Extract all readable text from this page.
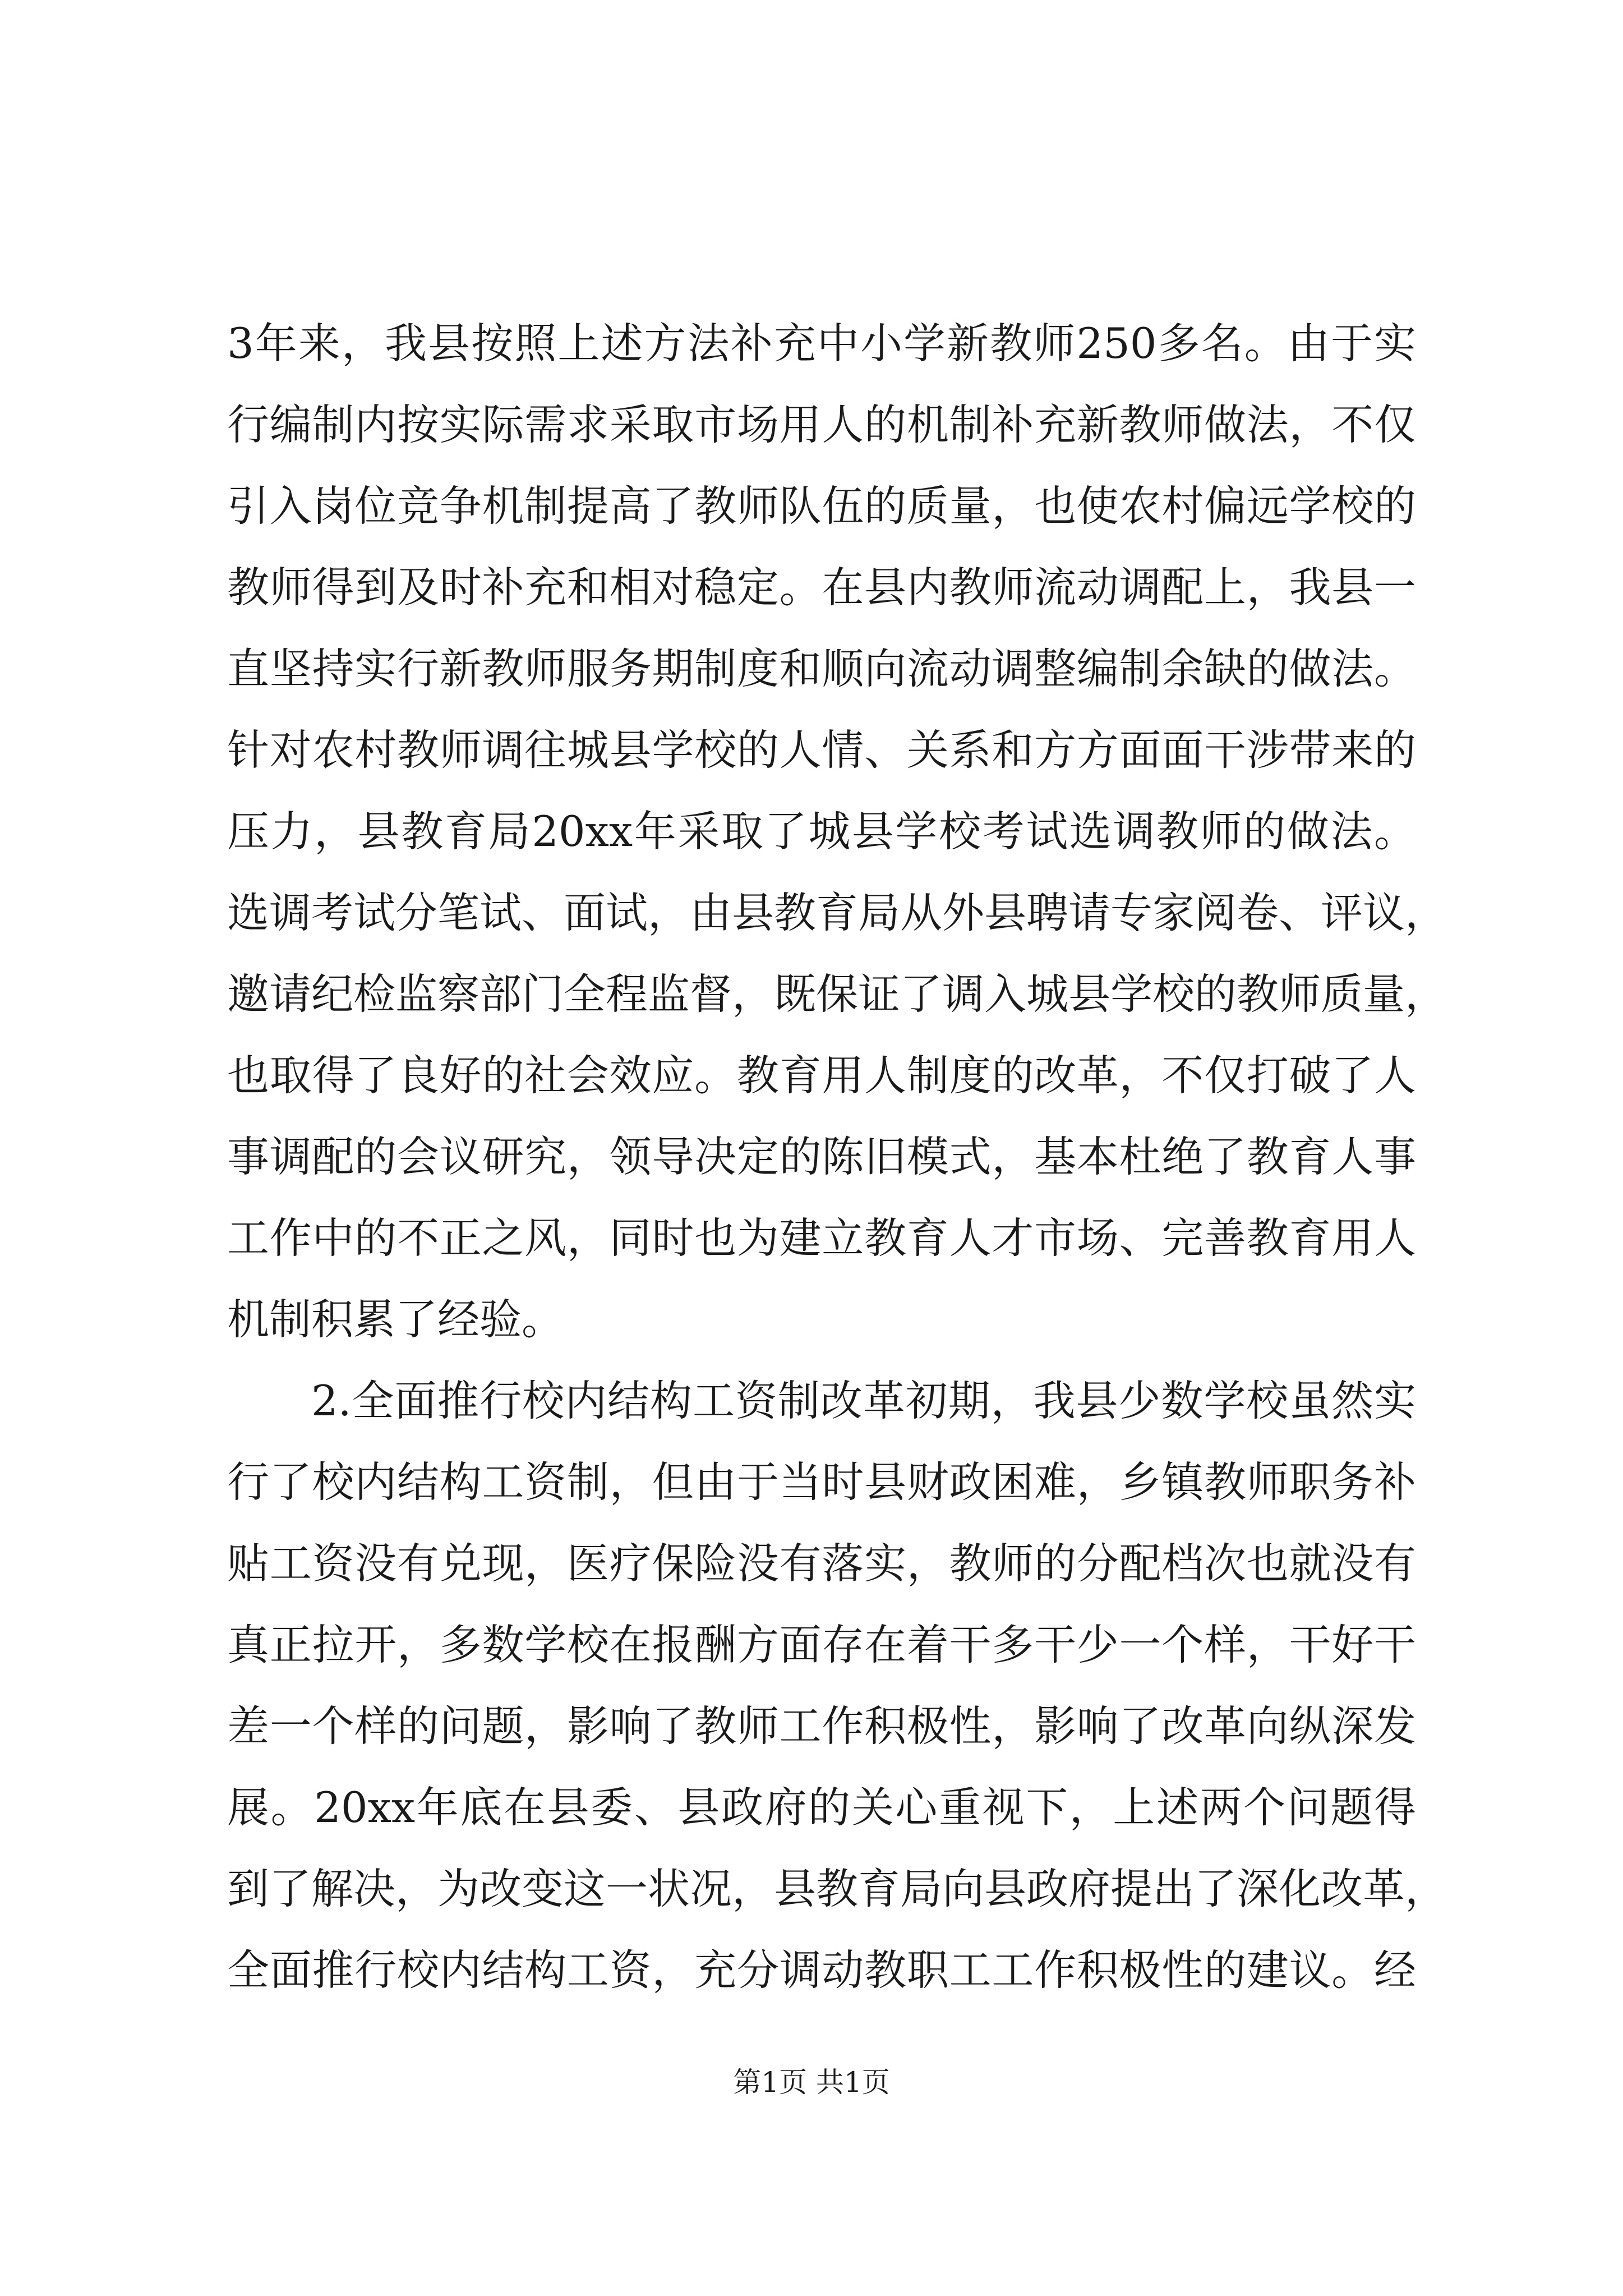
3年来，我县按照上述方法补充中小学新教师250多名。由于实
行编制内按实际需求采取市场用人的机制补充新教师做法，不仅
引入岗位竞争机制提高了教师队伍的质量，也使农村偏远学校的
教师得到及时补充和相对稳定。在县内教师流动调配上，我县一
直坚持实行新教师服务期制度和顺向流动调整编制余缺的做法。
针对农村教师调往城县学校的人情、关系和方方面面干涉带来的
压力，县教育局20xx年采取了城县学校考试选调教师的做法。
选调考试分笔试、面试，由县教育局从外县聘请专家阅卷、评议，
邀请纪检监察部门全程监督，既保证了调入城县学校的教师质量，
也取得了良好的社会效应。教育用人制度的改革，不仅打破了人
事调配的会议研究，领导决定的陈旧模式，基本杜绝了教育人事
工作中的不正之风，同时也为建立教育人才市场、完善教育用人
机制积累了经验。
2.全面推行校内结构工资制改革初期，我县少数学校虽然实
行了校内结构工资制，但由于当时县财政困难，乡镇教师职务补
贴工资没有兑现，医疗保险没有落实，教师的分配档次也就没有
真正拉开，多数学校在报酬方面存在着干多干少一个样，干好干
差一个样的问题，影响了教师工作积极性，影响了改革向纵深发
展。20xx年底在县委、县政府的关心重视下，上述两个问题得
到了解决，为改变这一状况，县教育局向县政府提出了深化改革，
全面推行校内结构工资，充分调动教职工工作积极性的建议。经
第1页 共1页
